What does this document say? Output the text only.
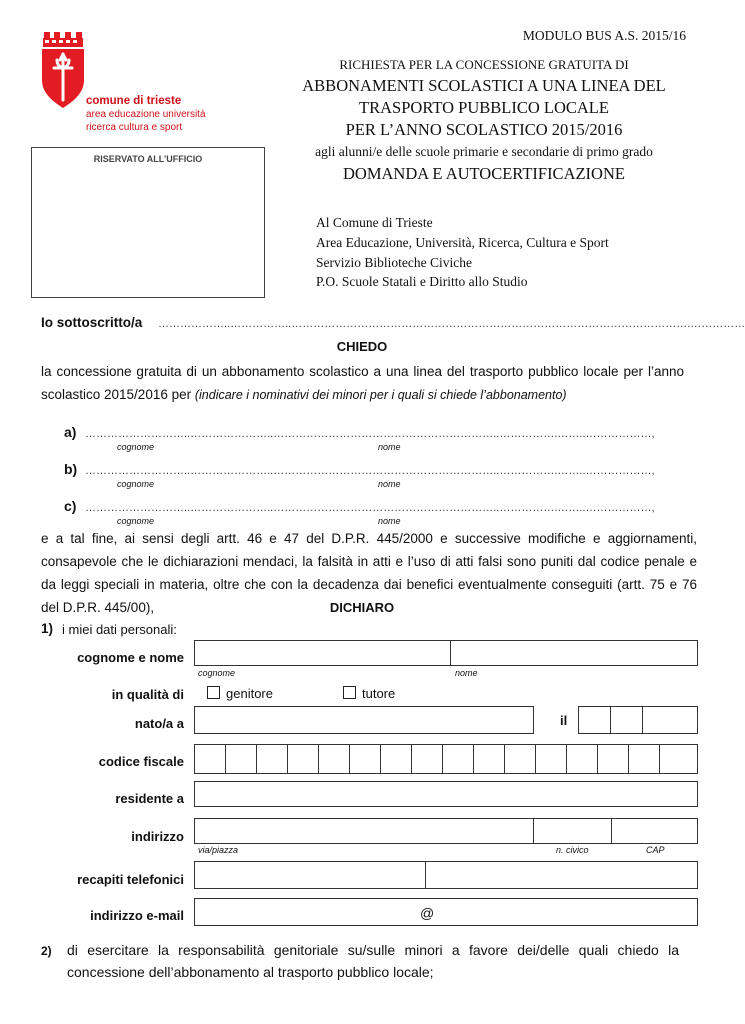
MODULO BUS A.S. 2015/16
comune di trieste
area educazione università
ricerca cultura e sport
RICHIESTA PER LA CONCESSIONE GRATUITA DI
ABBONAMENTI SCOLASTICI A UNA LINEA DEL
TRASPORTO PUBBLICO LOCALE
PER L’ANNO SCOLASTICO 2015/2016
agli alunni/e delle scuole primarie e secondarie di primo grado
DOMANDA E AUTOCERTIFICAZIONE
RISERVATO ALL’UFFICIO
Al Comune di Trieste
Area Educazione, Università, Ricerca, Cultura e Sport
Servizio Biblioteche Civiche
P.O. Scuole Statali e Diritto allo Studio
Io sottoscritto/a ………………..……………..……………………………………………………………………………………………….……………
CHIEDO
la concessione gratuita di un abbonamento scolastico a una linea del trasporto pubblico locale per l’anno scolastico 2015/2016 per (indicare i nominativi dei minori per i quali si chiede l’abbonamento)
a) ………………………..…………………..……………………………………………………..…………….……..………………,
cognome	nome
b) ………………………..…………………..……………………………………………………..…………….……..………………,
cognome	nome
c) ………………………..…………………..……………………………………………………..…………….……..………………,
cognome	nome
e a tal fine, ai sensi degli artt. 46 e 47 del D.P.R. 445/2000 e successive modifiche e aggiornamenti, consapevole che le dichiarazioni mendaci, la falsità in atti e l’uso di atti falsi sono puniti dal codice penale e da leggi speciali in materia, oltre che con la decadenza dai benefici eventualmente conseguiti (artt. 75 e 76 del D.P.R. 445/00),	DICHIARO
1) i miei dati personali:
cognome e nome
cognome	nome
in qualità di	genitore	tutore
nato/a a	il
codice fiscale
residente a
indirizzo
via/piazza	n. civico	CAP
recapiti telefonici
indirizzo e-mail	@
2) di esercitare la responsabilità genitoriale su/sulle minori a favore dei/delle quali chiedo la concessione dell’abbonamento al trasporto pubblico locale;
